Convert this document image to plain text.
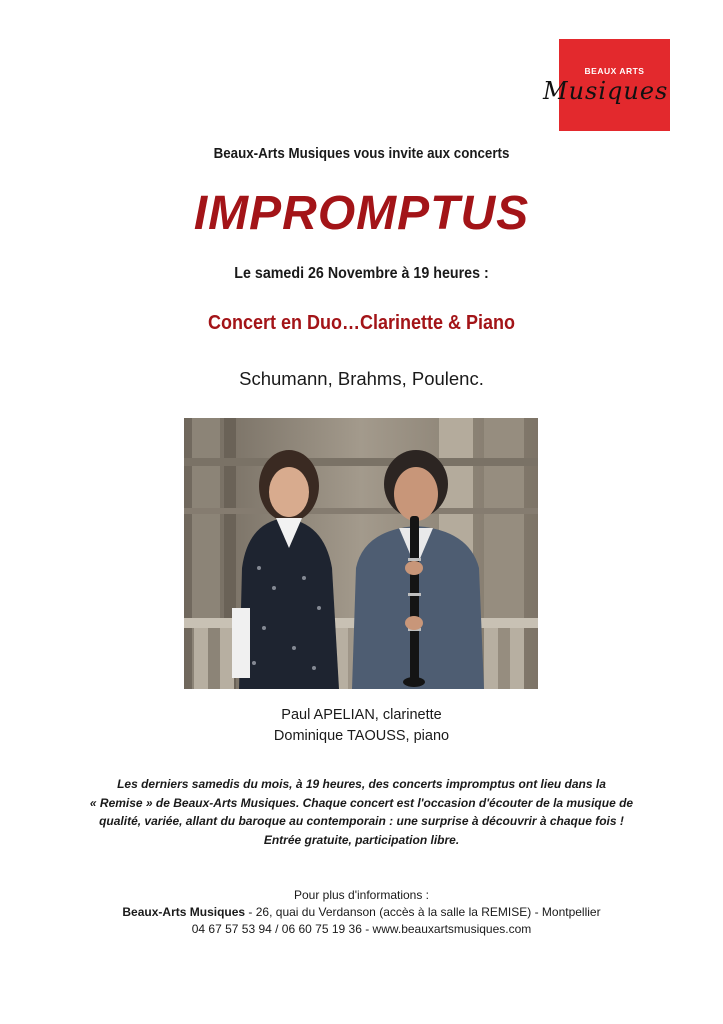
BEAUX ARTS
Musiques
Beaux-Arts Musiques vous invite aux concerts
IMPROMPTUS
Le samedi 26 Novembre à 19 heures :
Concert en Duo…Clarinette & Piano
Schumann, Brahms, Poulenc.
Paul APELIAN, clarinette
Dominique TAOUSS, piano
Les derniers samedis du mois, à 19 heures, des concerts impromptus ont lieu dans la
« Remise » de Beaux-Arts Musiques. Chaque concert est l'occasion d'écouter de la musique de
qualité, variée, allant du baroque au contemporain : une surprise à découvrir à chaque fois !
Entrée gratuite, participation libre.
Pour plus d'informations :
Beaux-Arts Musiques - 26, quai du Verdanson (accès à la salle la REMISE) - Montpellier
04 67 57 53 94 / 06 60 75 19 36 - www.beauxartsmusiques.com
